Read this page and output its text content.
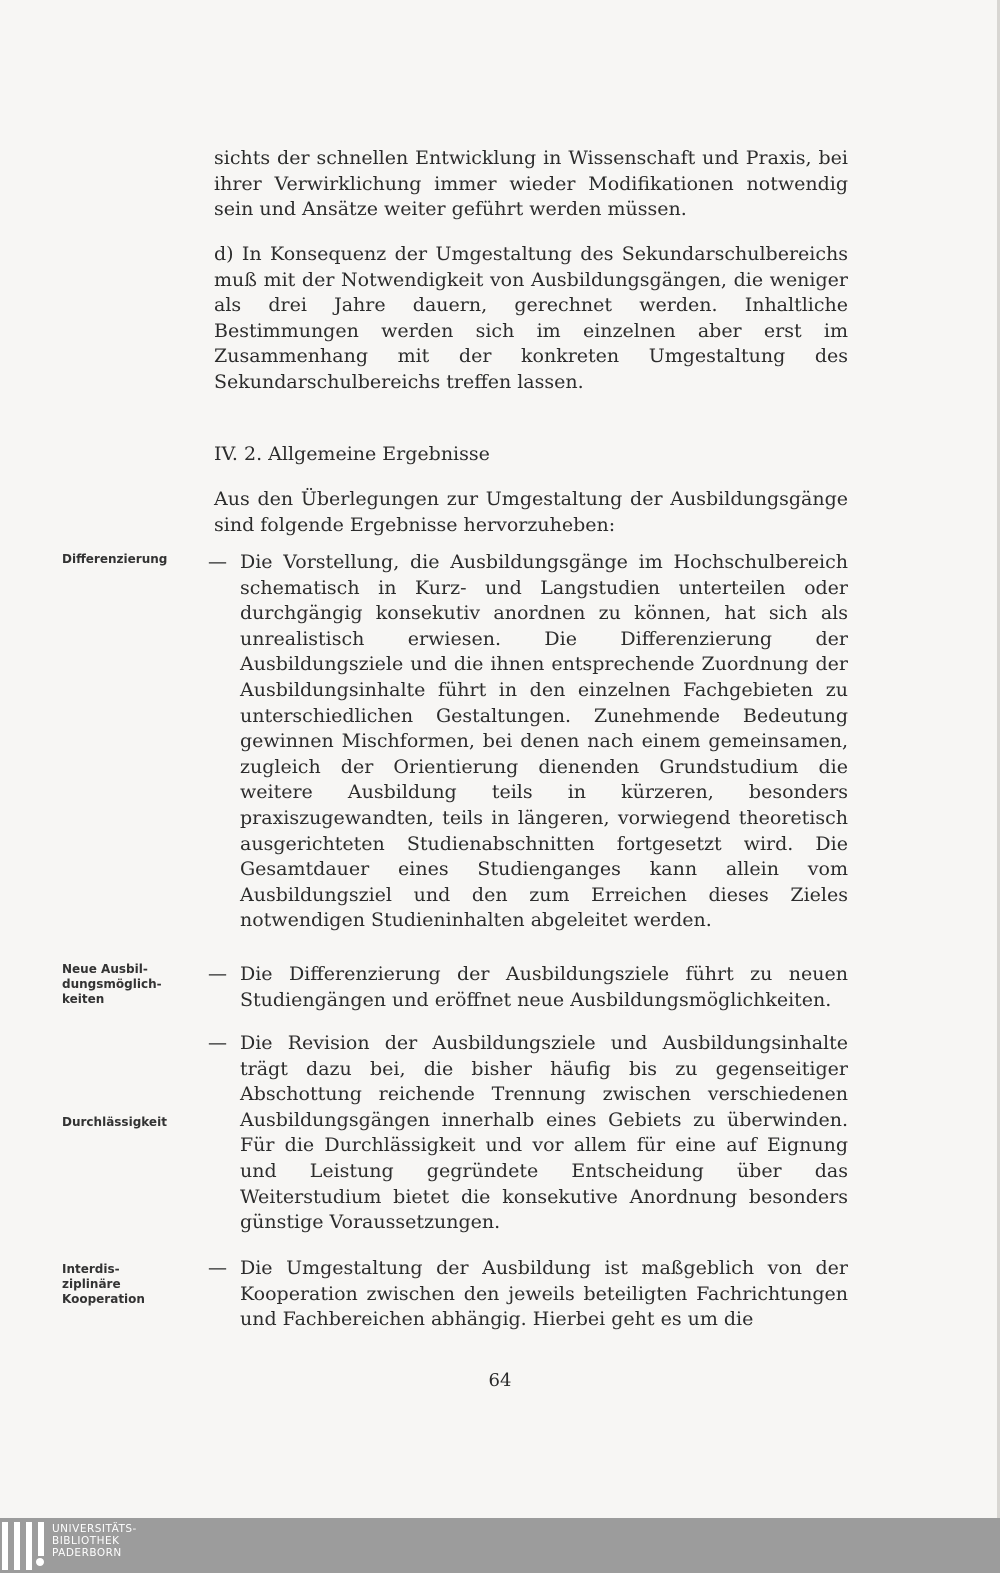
sichts der schnellen Entwicklung in Wissenschaft und Praxis, bei ihrer Verwirklichung immer wieder Modifikationen notwendig sein und Ansätze weiter geführt werden müssen.
d) In Konsequenz der Umgestaltung des Sekundarschulbereichs muß mit der Notwendigkeit von Ausbildungsgängen, die weniger als drei Jahre dauern, gerechnet werden. Inhaltliche Bestimmungen werden sich im einzelnen aber erst im Zusammenhang mit der konkreten Umgestaltung des Sekundarschulbereichs treffen lassen.
IV. 2. Allgemeine Ergebnisse
Aus den Überlegungen zur Umgestaltung der Ausbildungsgänge sind folgende Ergebnisse hervorzuheben:
Differenzierung
Neue Ausbil-
dungsmöglich-
keiten
Durchlässigkeit
Interdis-
ziplinäre
Kooperation
— Die Vorstellung, die Ausbildungsgänge im Hochschulbereich schematisch in Kurz- und Langstudien unterteilen oder durchgängig konsekutiv anordnen zu können, hat sich als unrealistisch erwiesen. Die Differenzierung der Ausbildungsziele und die ihnen entsprechende Zuordnung der Ausbildungsinhalte führt in den einzelnen Fachgebieten zu unterschiedlichen Gestaltungen. Zunehmende Bedeutung gewinnen Mischformen, bei denen nach einem gemeinsamen, zugleich der Orientierung dienenden Grundstudium die weitere Ausbildung teils in kürzeren, besonders praxiszugewandten, teils in längeren, vorwiegend theoretisch ausgerichteten Studienabschnitten fortgesetzt wird. Die Gesamtdauer eines Studienganges kann allein vom Ausbildungsziel und den zum Erreichen dieses Zieles notwendigen Studieninhalten abgeleitet werden.
— Die Differenzierung der Ausbildungsziele führt zu neuen Studiengängen und eröffnet neue Ausbildungsmöglichkeiten.
— Die Revision der Ausbildungsziele und Ausbildungsinhalte trägt dazu bei, die bisher häufig bis zu gegenseitiger Abschottung reichende Trennung zwischen verschiedenen Ausbildungsgängen innerhalb eines Gebiets zu überwinden. Für die Durchlässigkeit und vor allem für eine auf Eignung und Leistung gegründete Entscheidung über das Weiterstudium bietet die konsekutive Anordnung besonders günstige Voraussetzungen.
— Die Umgestaltung der Ausbildung ist maßgeblich von der Kooperation zwischen den jeweils beteiligten Fachrichtungen und Fachbereichen abhängig. Hierbei geht es um die
64
UNIVERSITÄTS-
BIBLIOTHEK
PADERBORN
